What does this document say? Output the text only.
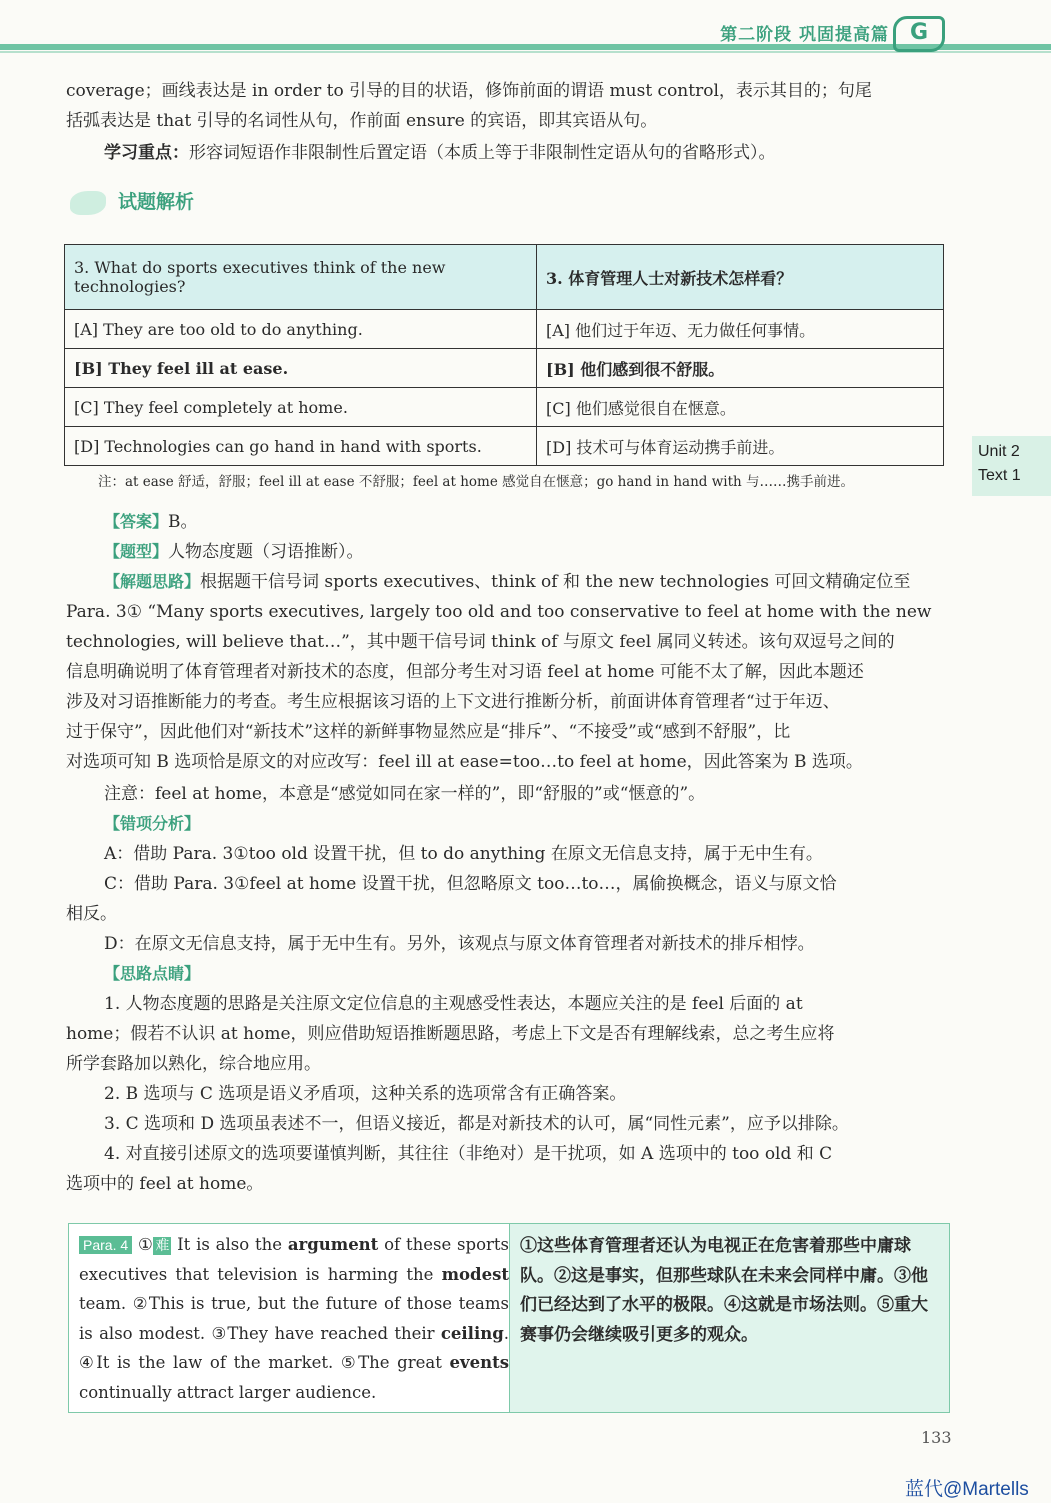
第二阶段 巩固提高篇 G
coverage；画线表达是 in order to 引导的目的状语，修饰前面的谓语 must control，表示其目的；句尾
括弧表达是 that 引导的名词性从句，作前面 ensure 的宾语，即其宾语从句。
学习重点：形容词短语作非限制性后置定语（本质上等于非限制性定语从句的省略形式）。
试题解析
3. What do sports executives think of the new technologies?	3. 体育管理人士对新技术怎样看？
[A] They are too old to do anything.	[A] 他们过于年迈、无力做任何事情。
[B] They feel ill at ease.	[B] 他们感到很不舒服。
[C] They feel completely at home.	[C] 他们感觉很自在惬意。
[D] Technologies can go hand in hand with sports.	[D] 技术可与体育运动携手前进。
注：at ease 舒适，舒服；feel ill at ease 不舒服；feel at home 感觉自在惬意；go hand in hand with 与……携手前进。
Unit 2
Text 1
【答案】B。
【题型】人物态度题（习语推断）。
【解题思路】根据题干信号词 sports executives、think of 和 the new technologies 可回文精确定位至
Para. 3① “Many sports executives, largely too old and too conservative to feel at home with the new
technologies, will believe that…”，其中题干信号词 think of 与原文 feel 属同义转述。该句双逗号之间的
信息明确说明了体育管理者对新技术的态度，但部分考生对习语 feel at home 可能不太了解，因此本题还
涉及对习语推断能力的考查。考生应根据该习语的上下文进行推断分析，前面讲体育管理者“过于年迈、
过于保守”，因此他们对“新技术”这样的新鲜事物显然应是“排斥”、“不接受”或“感到不舒服”，比
对选项可知 B 选项恰是原文的对应改写：feel ill at ease=too…to feel at home，因此答案为 B 选项。
注意：feel at home，本意是“感觉如同在家一样的”，即“舒服的”或“惬意的”。
【错项分析】
A：借助 Para. 3①too old 设置干扰，但 to do anything 在原文无信息支持，属于无中生有。
C：借助 Para. 3①feel at home 设置干扰，但忽略原文 too…to…，属偷换概念，语义与原文恰
相反。
D：在原文无信息支持，属于无中生有。另外，该观点与原文体育管理者对新技术的排斥相悖。
【思路点睛】
1. 人物态度题的思路是关注原文定位信息的主观感受性表达，本题应关注的是 feel 后面的 at
home；假若不认识 at home，则应借助短语推断题思路，考虑上下文是否有理解线索，总之考生应将
所学套路加以熟化，综合地应用。
2. B 选项与 C 选项是语义矛盾项，这种关系的选项常含有正确答案。
3. C 选项和 D 选项虽表述不一，但语义接近，都是对新技术的认可，属“同性元素”，应予以排除。
4. 对直接引述原文的选项要谨慎判断，其往往（非绝对）是干扰项，如 A 选项中的 too old 和 C
选项中的 feel at home。
Para. 4 ① 难 It is also the argument of these sports executives that television is harming the modest team. ②This is true, but the future of those teams is also modest. ③They have reached their ceiling. ④It is the law of the market. ⑤The great events continually attract larger audience.
①这些体育管理者还认为电视正在危害着那些中庸球队。②这是事实，但那些球队在未来会同样中庸。③他们已经达到了水平的极限。④这就是市场法则。⑤重大赛事仍会继续吸引更多的观众。
133
蓝代@Martells
